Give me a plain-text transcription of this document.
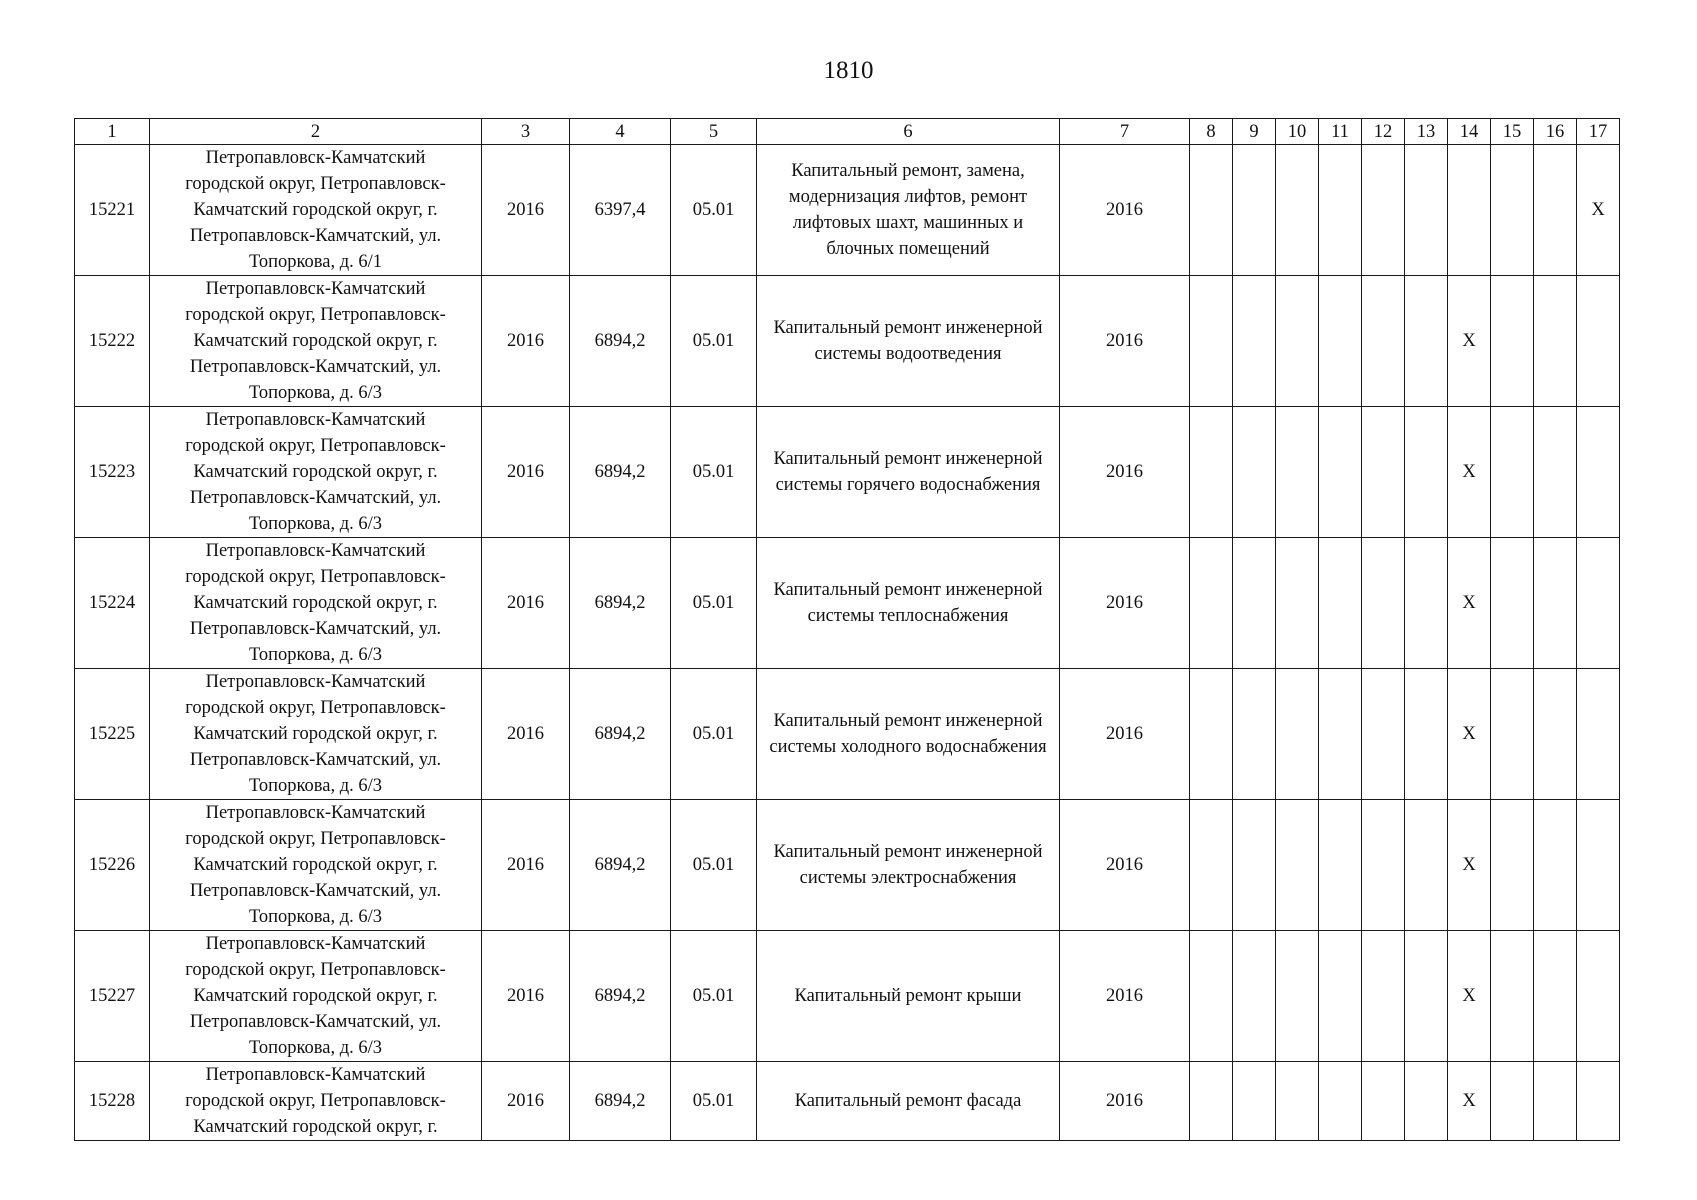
1810
1	2	3	4	5	6	7	8	9	10	11	12	13	14	15	16	17
15221	Петропавловск-Камчатский городской округ, Петропавловск-Камчатский городской округ, г. Петропавловск-Камчатский, ул. Топоркова, д. 6/1	2016	6397,4	05.01	Капитальный ремонт, замена, модернизация лифтов, ремонт лифтовых шахт, машинных и блочных помещений	2016										X
15222	Петропавловск-Камчатский городской округ, Петропавловск-Камчатский городской округ, г. Петропавловск-Камчатский, ул. Топоркова, д. 6/3	2016	6894,2	05.01	Капитальный ремонт инженерной системы водоотведения	2016							X			
15223	Петропавловск-Камчатский городской округ, Петропавловск-Камчатский городской округ, г. Петропавловск-Камчатский, ул. Топоркова, д. 6/3	2016	6894,2	05.01	Капитальный ремонт инженерной системы горячего водоснабжения	2016							X			
15224	Петропавловск-Камчатский городской округ, Петропавловск-Камчатский городской округ, г. Петропавловск-Камчатский, ул. Топоркова, д. 6/3	2016	6894,2	05.01	Капитальный ремонт инженерной системы теплоснабжения	2016							X			
15225	Петропавловск-Камчатский городской округ, Петропавловск-Камчатский городской округ, г. Петропавловск-Камчатский, ул. Топоркова, д. 6/3	2016	6894,2	05.01	Капитальный ремонт инженерной системы холодного водоснабжения	2016							X			
15226	Петропавловск-Камчатский городской округ, Петропавловск-Камчатский городской округ, г. Петропавловск-Камчатский, ул. Топоркова, д. 6/3	2016	6894,2	05.01	Капитальный ремонт инженерной системы электроснабжения	2016							X			
15227	Петропавловск-Камчатский городской округ, Петропавловск-Камчатский городской округ, г. Петропавловск-Камчатский, ул. Топоркова, д. 6/3	2016	6894,2	05.01	Капитальный ремонт крыши	2016							X			
15228	Петропавловск-Камчатский городской округ, Петропавловск-Камчатский городской округ, г.	2016	6894,2	05.01	Капитальный ремонт фасада	2016							X			
